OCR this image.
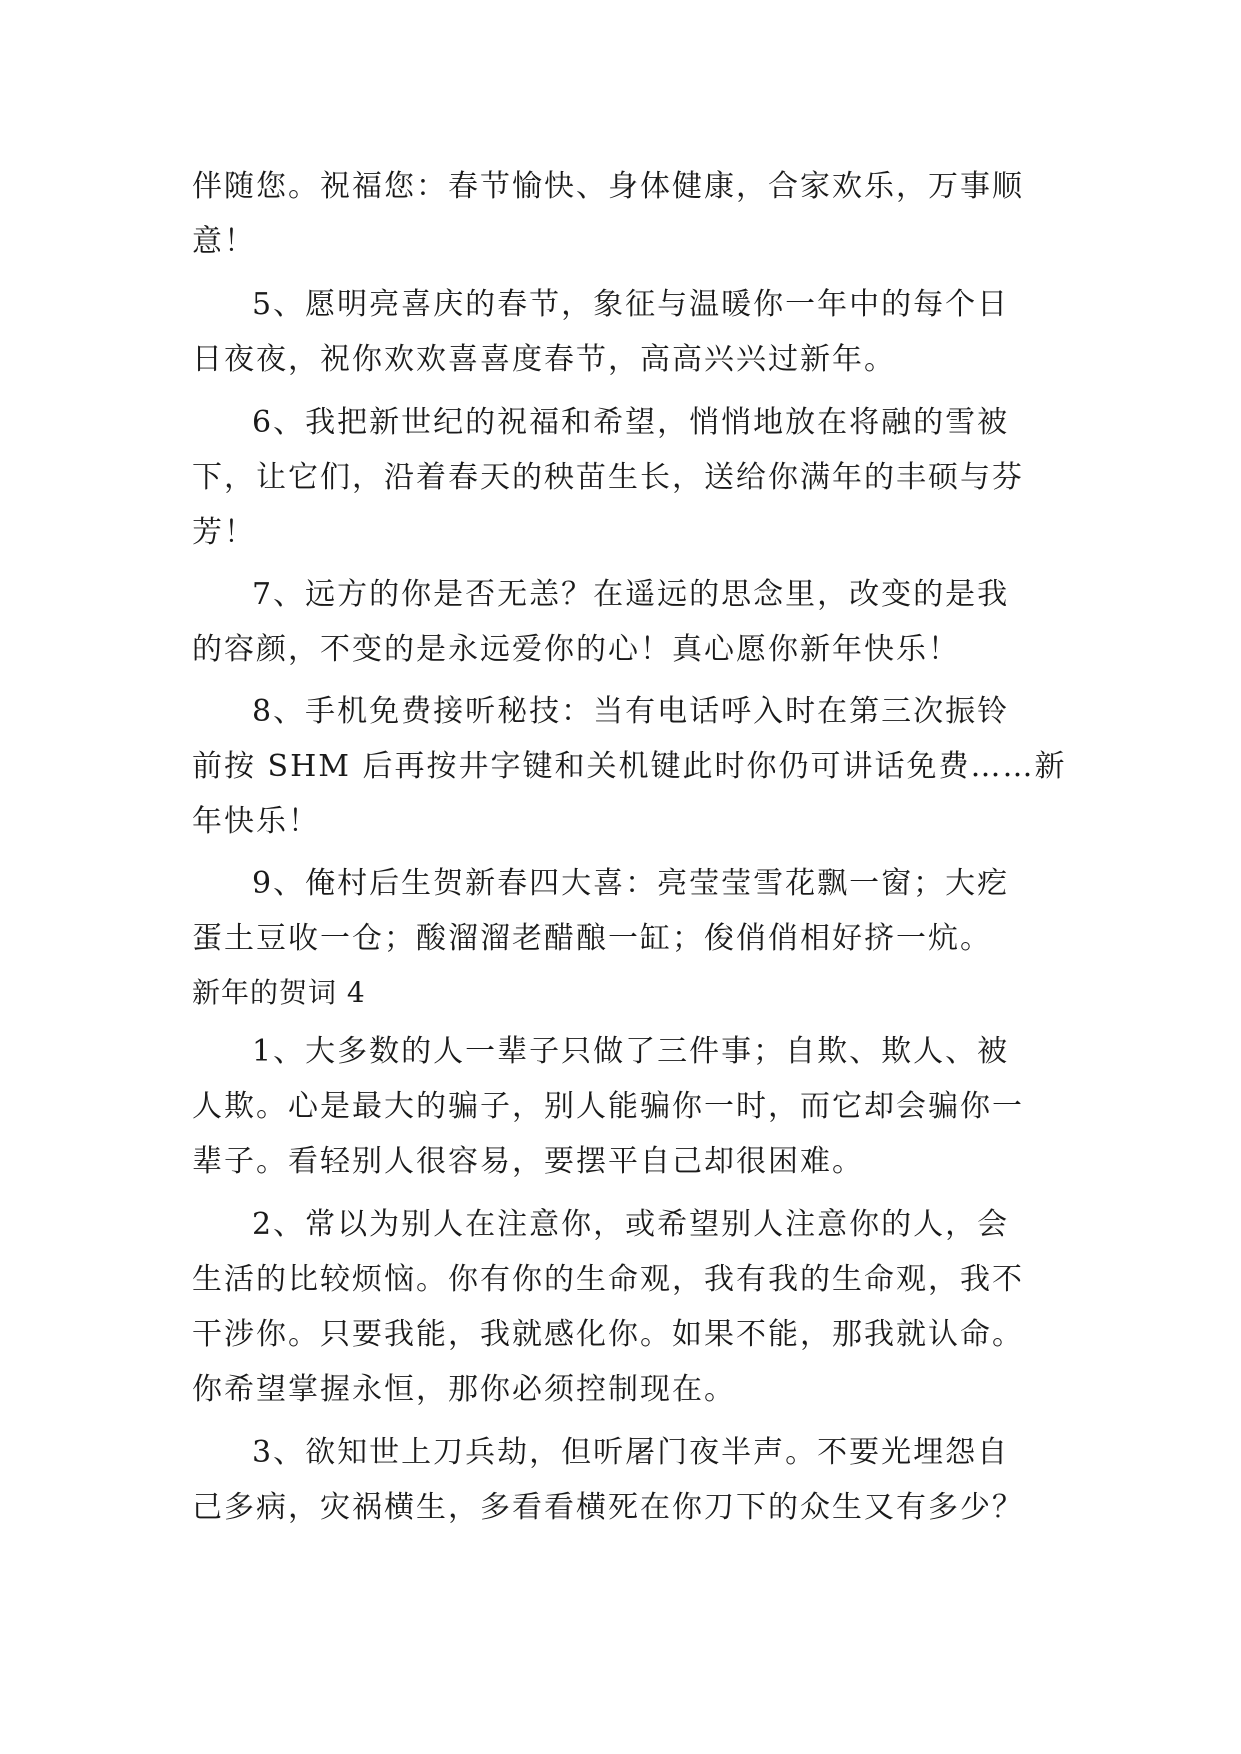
伴随您。祝福您：春节愉快、身体健康，合家欢乐，万事顺
意！
5、愿明亮喜庆的春节，象征与温暖你一年中的每个日
日夜夜，祝你欢欢喜喜度春节，高高兴兴过新年。
6、我把新世纪的祝福和希望，悄悄地放在将融的雪被
下，让它们，沿着春天的秧苗生长，送给你满年的丰硕与芬
芳！
7、远方的你是否无恙？在遥远的思念里，改变的是我
的容颜，不变的是永远爱你的心！真心愿你新年快乐！
8、手机免费接听秘技：当有电话呼入时在第三次振铃
前按 SHM 后再按井字键和关机键此时你仍可讲话免费……新
年快乐！
9、俺村后生贺新春四大喜：亮莹莹雪花飘一窗；大疙
蛋土豆收一仓；酸溜溜老醋酿一缸；俊俏俏相好挤一炕。
新年的贺词 4
1、大多数的人一辈子只做了三件事；自欺、欺人、被
人欺。心是最大的骗子，别人能骗你一时，而它却会骗你一
辈子。看轻别人很容易，要摆平自己却很困难。
2、常以为别人在注意你，或希望别人注意你的人，会
生活的比较烦恼。你有你的生命观，我有我的生命观，我不
干涉你。只要我能，我就感化你。如果不能，那我就认命。
你希望掌握永恒，那你必须控制现在。
3、欲知世上刀兵劫，但听屠门夜半声。不要光埋怨自
己多病，灾祸横生，多看看横死在你刀下的众生又有多少？
